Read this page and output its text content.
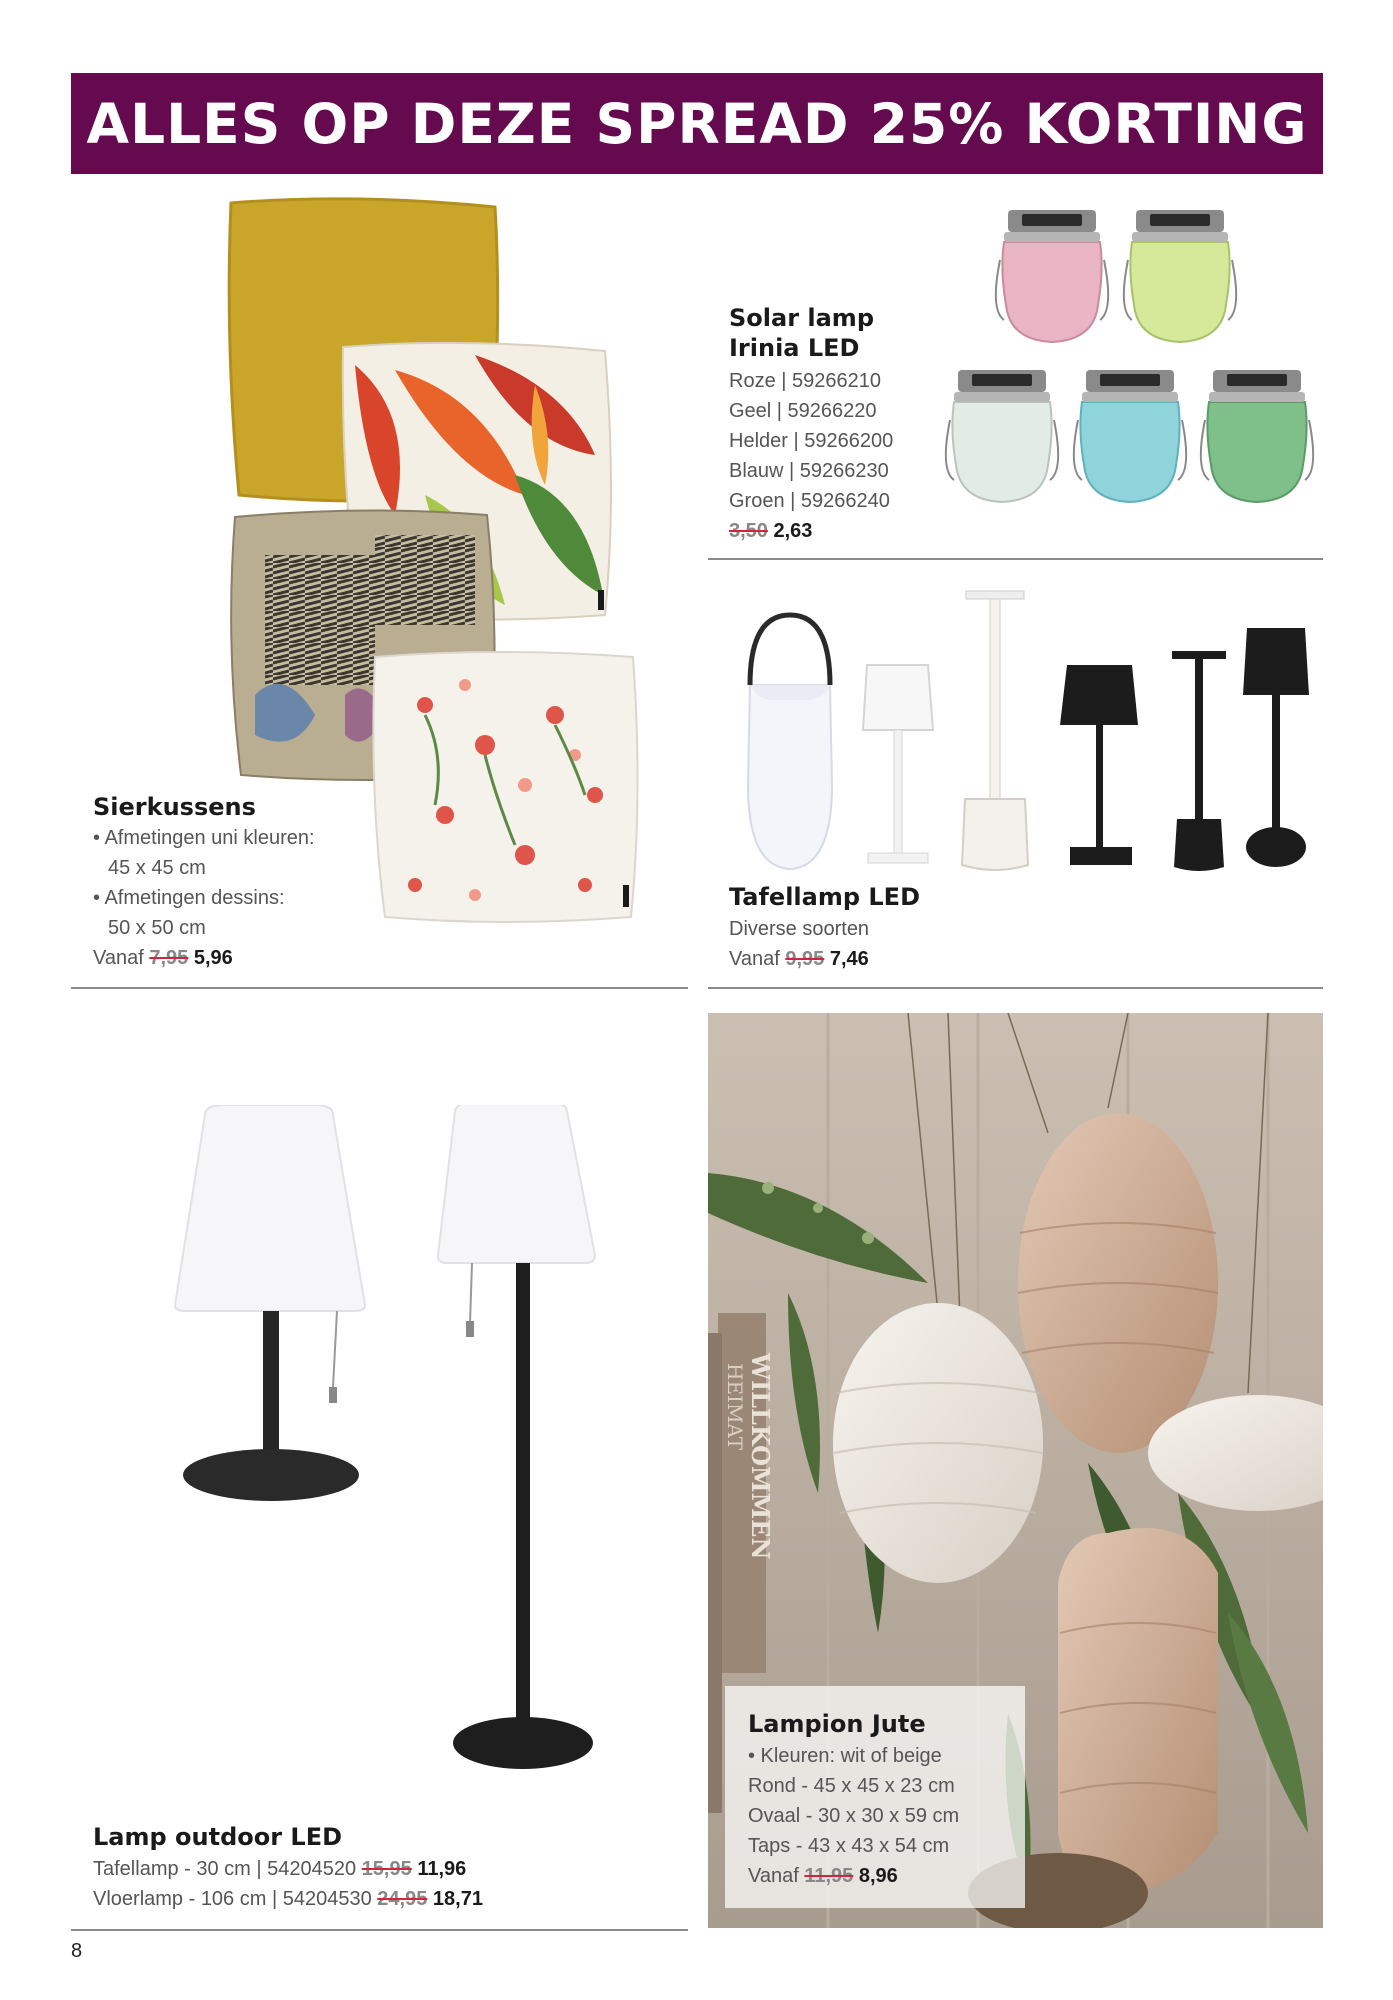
ALLES OP DEZE SPREAD 25% KORTING
Sierkussens
• Afmetingen uni kleuren:
45 x 45 cm
• Afmetingen dessins:
50 x 50 cm
Vanaf 7,95 5,96
Solar lamp
Irinia LED
Roze | 59266210
Geel | 59266220
Helder | 59266200
Blauw | 59266230
Groen | 59266240
3,50 2,63
Tafellamp LED
Diverse soorten
Vanaf 9,95 7,46
Lamp outdoor LED
Tafellamp - 30 cm | 54204520 15,95 11,96
Vloerlamp - 106 cm | 54204530 24,95 18,71
WILLKOMMEN
HEIMAT
Lampion Jute
• Kleuren: wit of beige
Rond - 45 x 45 x 23 cm
Ovaal - 30 x 30 x 59 cm
Taps - 43 x 43 x 54 cm
Vanaf 11,95 8,96
8
